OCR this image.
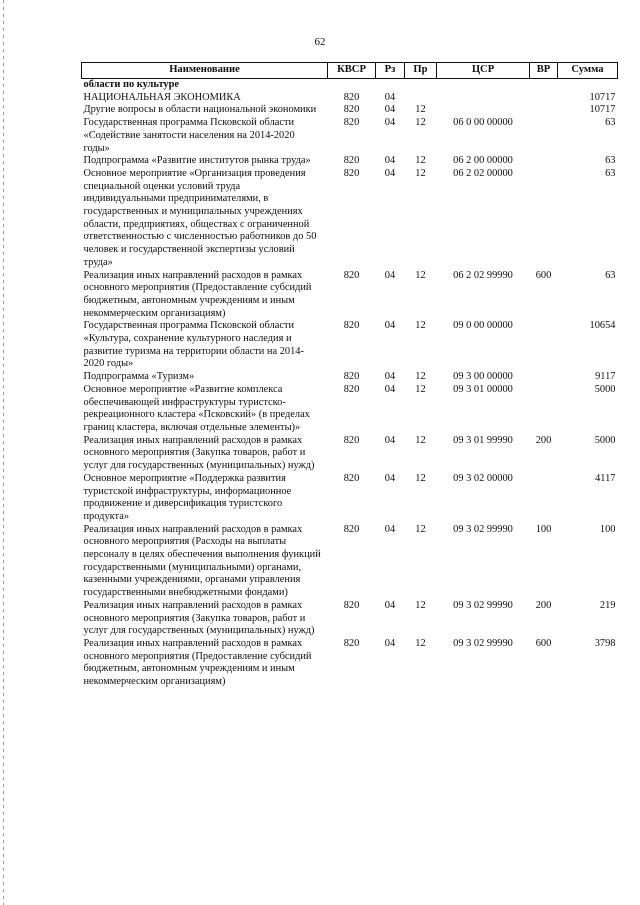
62
Наименование	КВСР	Рз	Пр	ЦСР	ВР	Сумма
области по культуре						
НАЦИОНАЛЬНАЯ ЭКОНОМИКА	820	04				10717
Другие вопросы в области национальной экономики	820	04	12			10717
Государственная программа Псковской области «Содействие занятости населения на 2014-2020 годы»	820	04	12	06 0 00 00000		63
Подпрограмма «Развитие институтов рынка труда»	820	04	12	06 2 00 00000		63
Основное мероприятие «Организация проведения специальной оценки условий труда индивидуальными предпринимателями, в государственных и муниципальных учреждениях области, предприятиях, обществах с ограниченной ответственностью с численностью работников до 50 человек и государственной экспертизы условий труда»	820	04	12	06 2 02 00000		63
Реализация иных направлений расходов в рамках основного мероприятия (Предоставление субсидий бюджетным, автономным учреждениям и иным некоммерческим организациям)	820	04	12	06 2 02 99990	600	63
Государственная программа Псковской области «Культура, сохранение культурного наследия и развитие туризма на территории области на 2014-2020 годы»	820	04	12	09 0 00 00000		10654
Подпрограмма «Туризм»	820	04	12	09 3 00 00000		9117
Основное мероприятие «Развитие комплекса обеспечивающей инфраструктуры туристско-рекреационного кластера «Псковский» (в пределах границ кластера, включая отдельные элементы)»	820	04	12	09 3 01 00000		5000
Реализация иных направлений расходов в рамках основного мероприятия (Закупка товаров, работ и услуг для государственных (муниципальных) нужд)	820	04	12	09 3 01 99990	200	5000
Основное мероприятие «Поддержка развития туристской инфраструктуры, информационное продвижение и диверсификация туристского продукта»	820	04	12	09 3 02 00000		4117
Реализация иных направлений расходов в рамках основного мероприятия (Расходы на выплаты персоналу в целях обеспечения выполнения функций государственными (муниципальными) органами, казенными учреждениями, органами управления государственными внебюджетными фондами)	820	04	12	09 3 02 99990	100	100
Реализация иных направлений расходов в рамках основного мероприятия (Закупка товаров, работ и услуг для государственных (муниципальных) нужд)	820	04	12	09 3 02 99990	200	219
Реализация иных направлений расходов в рамках основного мероприятия (Предоставление субсидий бюджетным, автономным учреждениям и иным некоммерческим организациям)	820	04	12	09 3 02 99990	600	3798
